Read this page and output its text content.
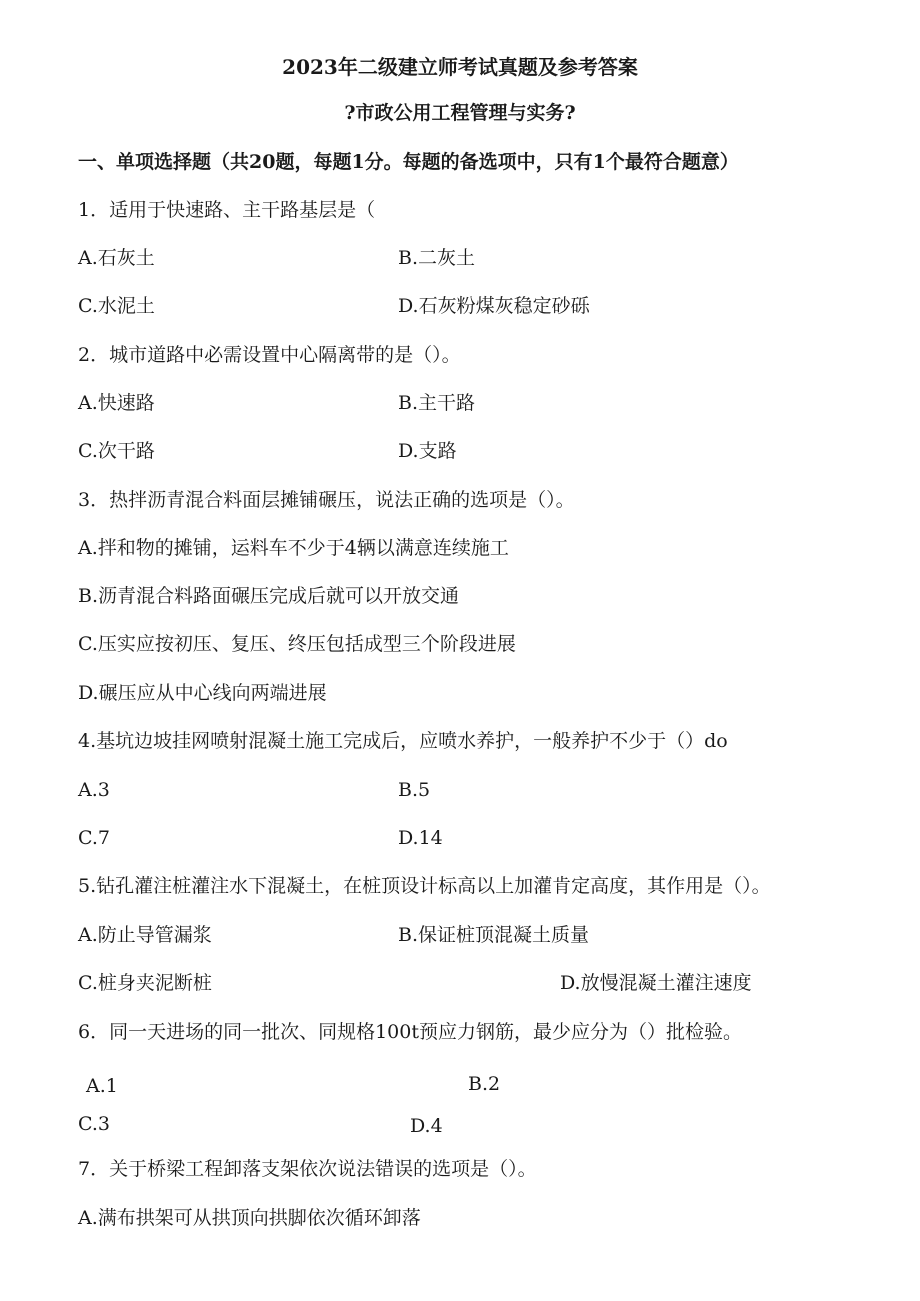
2023年二级建立师考试真题及参考答案
?市政公用工程管理与实务?
一、单项选择题（共20题，每题1分。每题的备选项中，只有1个最符合题意）
1．适用于快速路、主干路基层是（
A.石灰土	B.二灰土
C.水泥土	D.石灰粉煤灰稳定砂砾
2．城市道路中必需设置中心隔离带的是（）。
A.快速路	B.主干路
C.次干路	D.支路
3．热拌沥青混合料面层摊铺碾压，说法正确的选项是（）。
A.拌和物的摊铺，运料车不少于4辆以满意连续施工
B.沥青混合料路面碾压完成后就可以开放交通
C.压实应按初压、复压、终压包括成型三个阶段进展
D.碾压应从中心线向两端进展
4.基坑边坡挂网喷射混凝土施工完成后，应喷水养护，一般养护不少于（）do
A.3	B.5
C.7	D.14
5.钻孔灌注桩灌注水下混凝土，在桩顶设计标高以上加灌肯定高度，其作用是（）。
A.防止导管漏浆	B.保证桩顶混凝土质量
C.桩身夹泥断桩	D.放慢混凝土灌注速度
6．同一天进场的同一批次、同规格100t预应力钢筋，最少应分为（）批检验。
A.1	B.2
C.3	D.4
7．关于桥梁工程卸落支架依次说法错误的选项是（）。
A.满布拱架可从拱顶向拱脚依次循环卸落
